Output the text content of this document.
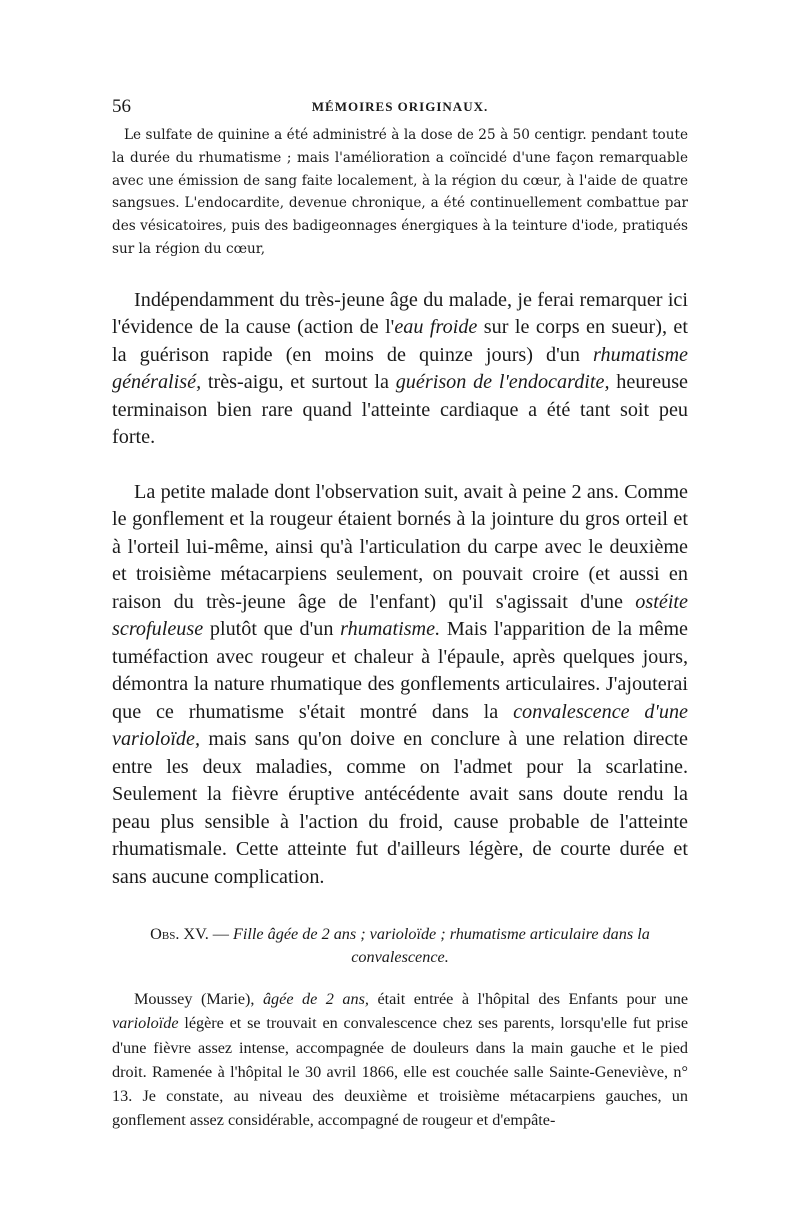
56	MÉMOIRES ORIGINAUX.

Le sulfate de quinine a été administré à la dose de 25 à 50 centigr. pendant toute la durée du rhumatisme ; mais l'amélioration a coïncidé d'une façon remarquable avec une émission de sang faite localement, à la région du cœur, à l'aide de quatre sangsues. L'endocardite, devenue chronique, a été continuellement combattue par des vésicatoires, puis des badigeonnages énergiques à la teinture d'iode, pratiqués sur la région du cœur,

Indépendamment du très-jeune âge du malade, je ferai remarquer ici l'évidence de la cause (action de l'eau froide sur le corps en sueur), et la guérison rapide (en moins de quinze jours) d'un rhumatisme généralisé, très-aigu, et surtout la guérison de l'endocardite, heureuse terminaison bien rare quand l'atteinte cardiaque a été tant soit peu forte.

La petite malade dont l'observation suit, avait à peine 2 ans. Comme le gonflement et la rougeur étaient bornés à la jointure du gros orteil et à l'orteil lui-même, ainsi qu'à l'articulation du carpe avec le deuxième et troisième métacarpiens seulement, on pouvait croire (et aussi en raison du très-jeune âge de l'enfant) qu'il s'agissait d'une ostéite scrofuleuse plutôt que d'un rhumatisme. Mais l'apparition de la même tuméfaction avec rougeur et chaleur à l'épaule, après quelques jours, démontra la nature rhumatique des gonflements articulaires. J'ajouterai que ce rhumatisme s'était montré dans la convalescence d'une varioloïde, mais sans qu'on doive en conclure à une relation directe entre les deux maladies, comme on l'admet pour la scarlatine. Seulement la fièvre éruptive antécédente avait sans doute rendu la peau plus sensible à l'action du froid, cause probable de l'atteinte rhumatismale. Cette atteinte fut d'ailleurs légère, de courte durée et sans aucune complication.

Obs. XV. — Fille âgée de 2 ans ; varioloïde ; rhumatisme articulaire dans la convalescence.

Moussey (Marie), âgée de 2 ans, était entrée à l'hôpital des Enfants pour une varioloïde légère et se trouvait en convalescence chez ses parents, lorsqu'elle fut prise d'une fièvre assez intense, accompagnée de douleurs dans la main gauche et le pied droit. Ramenée à l'hôpital le 30 avril 1866, elle est couchée salle Sainte-Geneviève, n° 13. Je constate, au niveau des deuxième et troisième métacarpiens gauches, un gonflement assez considérable, accompagné de rougeur et d'empâte-
